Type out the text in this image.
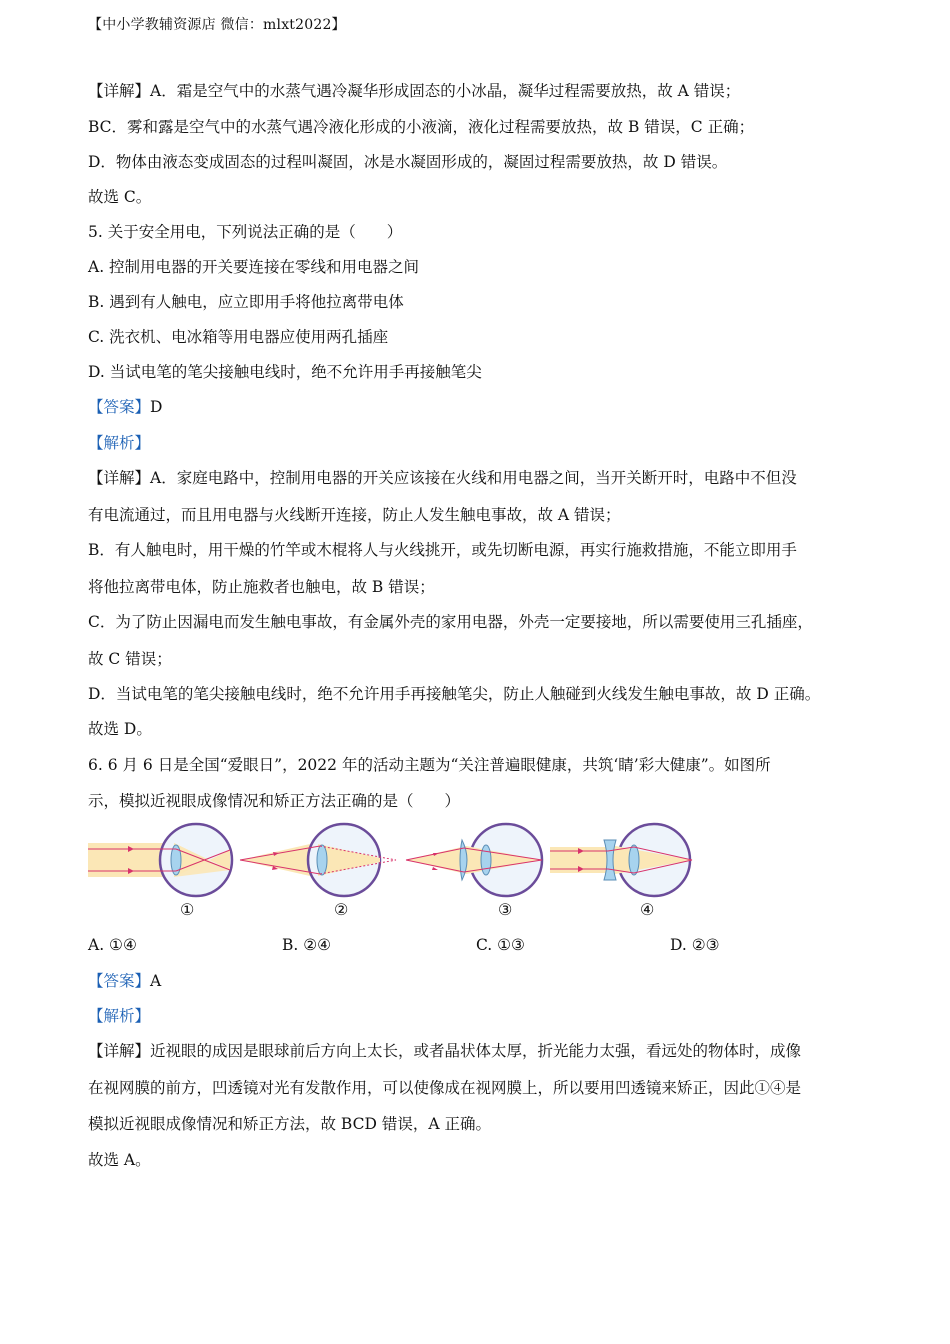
【中小学教辅资源店 微信：mlxt2022】
【详解】A．霜是空气中的水蒸气遇冷凝华形成固态的小冰晶，凝华过程需要放热，故 A 错误；
BC．雾和露是空气中的水蒸气遇冷液化形成的小液滴，液化过程需要放热，故 B 错误，C 正确；
D．物体由液态变成固态的过程叫凝固，冰是水凝固形成的，凝固过程需要放热，故 D 错误。
故选 C。
5. 关于安全用电，下列说法正确的是（　　）
A. 控制用电器的开关要连接在零线和用电器之间
B. 遇到有人触电，应立即用手将他拉离带电体
C. 洗衣机、电冰箱等用电器应使用两孔插座
D. 当试电笔的笔尖接触电线时，绝不允许用手再接触笔尖
【答案】D
【解析】
【详解】A．家庭电路中，控制用电器的开关应该接在火线和用电器之间，当开关断开时，电路中不但没
有电流通过，而且用电器与火线断开连接，防止人发生触电事故，故 A 错误；
B．有人触电时，用干燥的竹竿或木棍将人与火线挑开，或先切断电源，再实行施救措施，不能立即用手
将他拉离带电体，防止施救者也触电，故 B 错误；
C．为了防止因漏电而发生触电事故，有金属外壳的家用电器，外壳一定要接地，所以需要使用三孔插座，
故 C 错误；
D．当试电笔的笔尖接触电线时，绝不允许用手再接触笔尖，防止人触碰到火线发生触电事故，故 D 正确。
故选 D。
6. 6 月 6 日是全国“爱眼日”，2022 年的活动主题为“关注普遍眼健康，共筑‘睛’彩大健康”。如图所
示，模拟近视眼成像情况和矫正方法正确的是（　　）
①	②	③	④
A. ①④	B. ②④	C. ①③	D. ②③
【答案】A
【解析】
【详解】近视眼的成因是眼球前后方向上太长，或者晶状体太厚，折光能力太强，看远处的物体时，成像
在视网膜的前方，凹透镜对光有发散作用，可以使像成在视网膜上，所以要用凹透镜来矫正，因此①④是
模拟近视眼成像情况和矫正方法，故 BCD 错误，A 正确。
故选 A。
